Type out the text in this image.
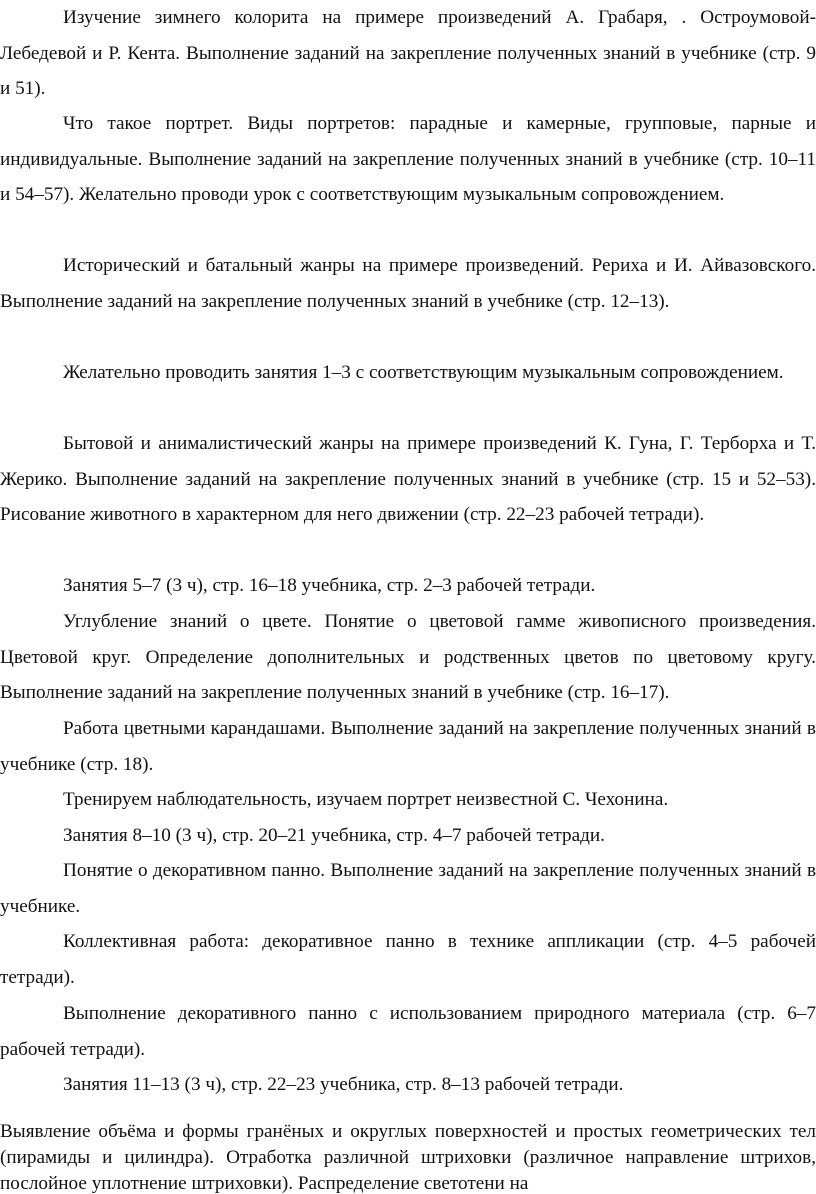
Изучение зимнего колорита на примере произведений А. Грабаря, . Остроумовой-Лебедевой и Р. Кента. Выполнение заданий на закрепление полученных знаний в учебнике (стр. 9 и 51).

Что такое портрет. Виды портретов: парадные и камерные, групповые, парные и индивидуальные. Выполнение заданий на закрепление полученных знаний в учебнике (стр. 10–11 и 54–57). Желательно проводи урок с соответствующим музыкальным сопровождением.

Исторический и батальный жанры на примере произведений. Рериха и И. Айвазовского. Выполнение заданий на закрепление полученных знаний в учебнике (стр. 12–13).

Желательно проводить занятия 1–3 с соответствующим музыкальным сопровождением.

Бытовой и анималистический жанры на примере произведений К. Гуна, Г. Терборха и Т. Жерико. Выполнение заданий на закрепление полученных знаний в учебнике (стр. 15 и 52–53). Рисование животного в характерном для него движении (стр. 22–23 рабочей тетради).

Занятия 5–7 (3 ч), стр. 16–18 учебника, стр. 2–3 рабочей тетради.

Углубление знаний о цвете. Понятие о цветовой гамме живописного произведения. Цветовой круг. Определение дополнительных и родственных цветов по цветовому кругу. Выполнение заданий на закрепление полученных знаний в учебнике (стр. 16–17).

Работа цветными карандашами. Выполнение заданий на закрепление полученных знаний в учебнике (стр. 18).

Тренируем наблюдательность, изучаем портрет неизвестной С. Чехонина.

Занятия 8–10 (3 ч), стр. 20–21 учебника, стр. 4–7 рабочей тетради.

Понятие о декоративном панно. Выполнение заданий на закрепление полученных знаний в учебнике.

Коллективная работа: декоративное панно в технике аппликации (стр. 4–5 рабочей тетради).

Выполнение декоративного панно с использованием природного материала (стр. 6–7 рабочей тетради).

Занятия 11–13 (3 ч), стр. 22–23 учебника, стр. 8–13 рабочей тетради.

Выявление объёма и формы гранёных и округлых поверхностей и простых геометрических тел (пирамиды и цилиндра). Отработка различной штриховки (различное направление штрихов, послойное уплотнение штриховки). Распределение светотени на
